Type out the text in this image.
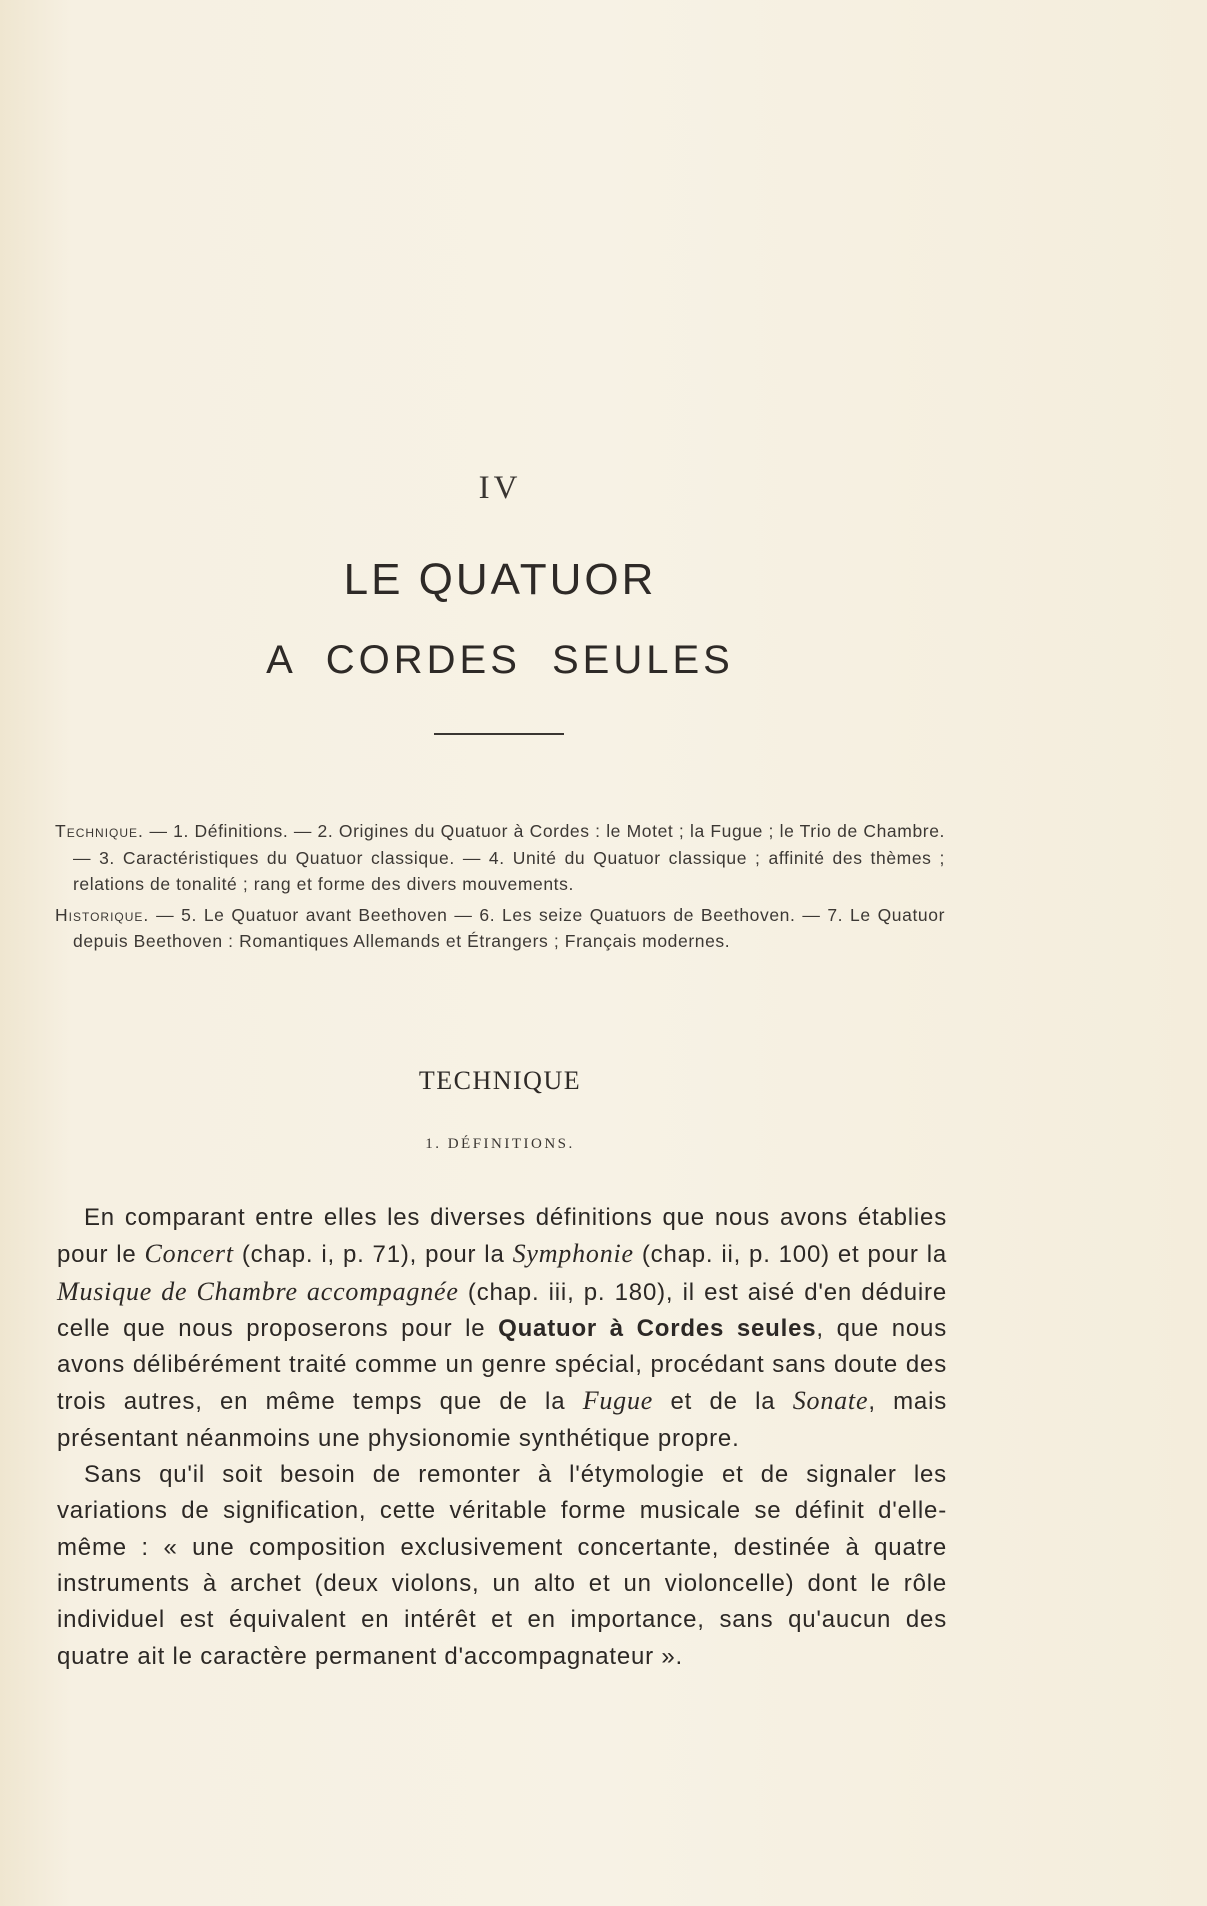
IV
LE QUATUOR
A CORDES SEULES

Technique. — 1. Définitions. — 2. Origines du Quatuor à Cordes : le Motet ; la Fugue ; le Trio de Chambre. — 3. Caractéristiques du Quatuor classique. — 4. Unité du Quatuor classique ; affinité des thèmes ; relations de tonalité ; rang et forme des divers mouvements.

Historique. — 5. Le Quatuor avant Beethoven — 6. Les seize Quatuors de Beethoven. — 7. Le Quatuor depuis Beethoven : Romantiques Allemands et Étrangers ; Français modernes.

TECHNIQUE
1. DÉFINITIONS.

En comparant entre elles les diverses définitions que nous avons établies pour le Concert (chap. i, p. 71), pour la Symphonie (chap. ii, p. 100) et pour la Musique de Chambre accompagnée (chap. iii, p. 180), il est aisé d'en déduire celle que nous proposerons pour le Quatuor à Cordes seules, que nous avons délibérément traité comme un genre spécial, procédant sans doute des trois autres, en même temps que de la Fugue et de la Sonate, mais présentant néanmoins une physionomie synthétique propre.

Sans qu'il soit besoin de remonter à l'étymologie et de signaler les variations de signification, cette véritable forme musicale se définit d'elle-même : « une composition exclusivement concertante, destinée à quatre instruments à archet (deux violons, un alto et un violoncelle) dont le rôle individuel est équivalent en intérêt et en importance, sans qu'aucun des quatre ait le caractère permanent d'accompagnateur ».
